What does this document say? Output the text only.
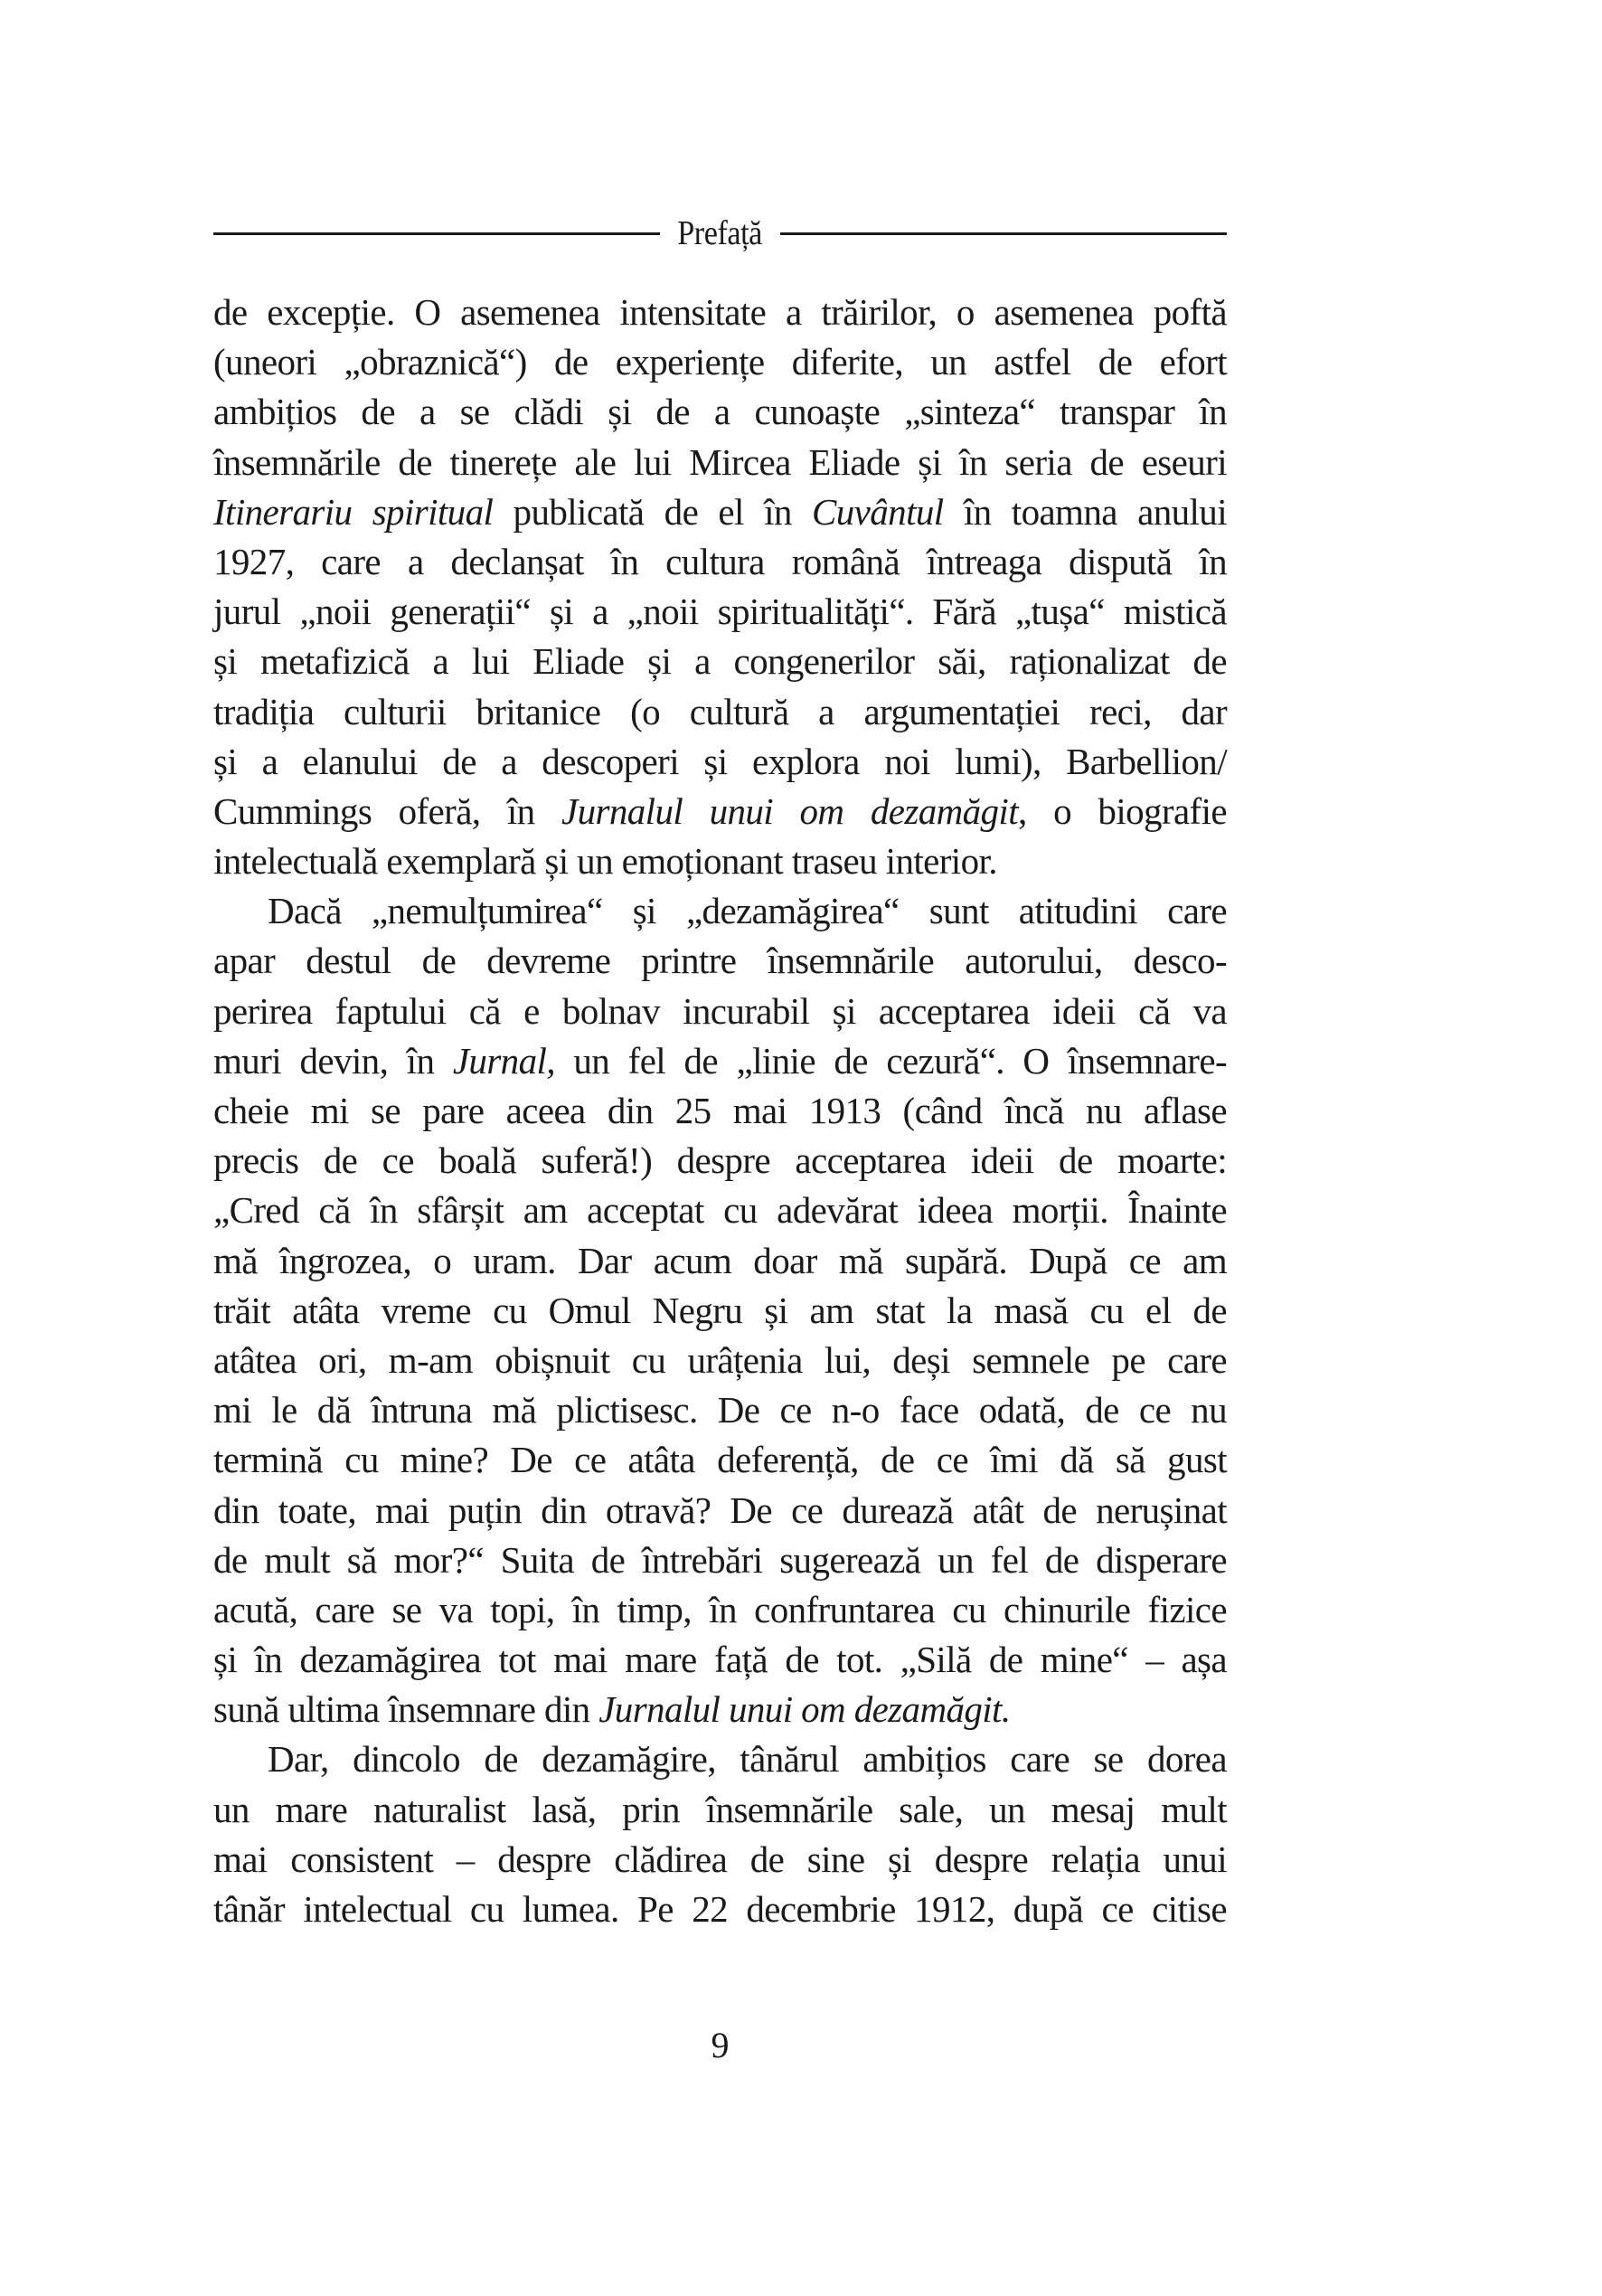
Prefață
de excepție. O asemenea intensitate a trăirilor, o asemenea poftă
(uneori „obraznică“) de experiențe diferite, un astfel de efort
ambițios de a se clădi și de a cunoaște „sinteza“ transpar în
însemnările de tinerețe ale lui Mircea Eliade și în seria de eseuri
Itinerariu spiritual publicată de el în Cuvântul în toamna anului
1927, care a declanșat în cultura română întreaga dispută în
jurul „noii generații“ și a „noii spiritualități“. Fără „tușa“ mistică
și metafizică a lui Eliade și a congenerilor săi, raționalizat de
tradiția culturii britanice (o cultură a argumentației reci, dar
și a elanului de a descoperi și explora noi lumi), Barbellion/
Cummings oferă, în Jurnalul unui om dezamăgit, o biografie
intelectuală exemplară și un emoționant traseu interior.
Dacă „nemulțumirea“ și „dezamăgirea“ sunt atitudini care
apar destul de devreme printre însemnările autorului, desco-
perirea faptului că e bolnav incurabil și acceptarea ideii că va
muri devin, în Jurnal, un fel de „linie de cezură“. O însemnare-
cheie mi se pare aceea din 25 mai 1913 (când încă nu aflase
precis de ce boală suferă!) despre acceptarea ideii de moarte:
„Cred că în sfârșit am acceptat cu adevărat ideea morții. Înainte
mă îngrozea, o uram. Dar acum doar mă supără. După ce am
trăit atâta vreme cu Omul Negru și am stat la masă cu el de
atâtea ori, m-am obișnuit cu urâțenia lui, deși semnele pe care
mi le dă întruna mă plictisesc. De ce n-o face odată, de ce nu
termină cu mine? De ce atâta deferență, de ce îmi dă să gust
din toate, mai puțin din otravă? De ce durează atât de nerușinat
de mult să mor?“ Suita de întrebări sugerează un fel de disperare
acută, care se va topi, în timp, în confruntarea cu chinurile fizice
și în dezamăgirea tot mai mare față de tot. „Silă de mine“ – așa
sună ultima însemnare din Jurnalul unui om dezamăgit.
Dar, dincolo de dezamăgire, tânărul ambițios care se dorea
un mare naturalist lasă, prin însemnările sale, un mesaj mult
mai consistent – despre clădirea de sine și despre relația unui
tânăr intelectual cu lumea. Pe 22 decembrie 1912, după ce citise
9
